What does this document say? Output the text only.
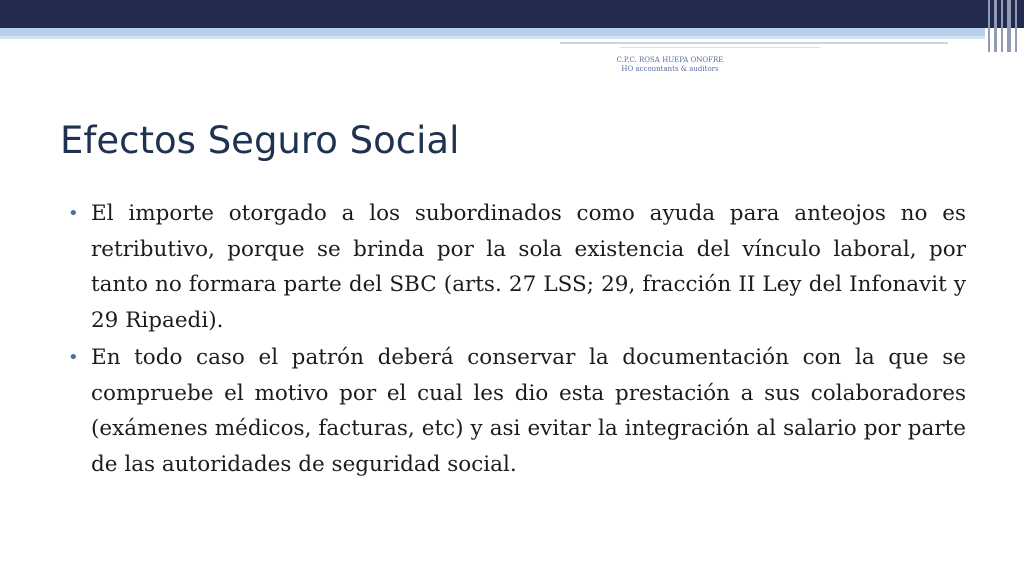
C.P.C. ROSA HUEPA ONOFRE
HO accountants & auditors
Efectos Seguro Social
• El importe otorgado a los subordinados como ayuda para anteojos no es retributivo, porque se brinda por la sola existencia del vínculo laboral, por tanto no formara parte del SBC (arts. 27 LSS; 29, fracción II Ley del Infonavit y 29 Ripaedi).
• En todo caso el patrón deberá conservar la documentación con la que se compruebe el motivo por el cual les dio esta prestación a sus colaboradores (exámenes médicos, facturas, etc) y asi evitar la integración al salario por parte de las autoridades de seguridad social.
